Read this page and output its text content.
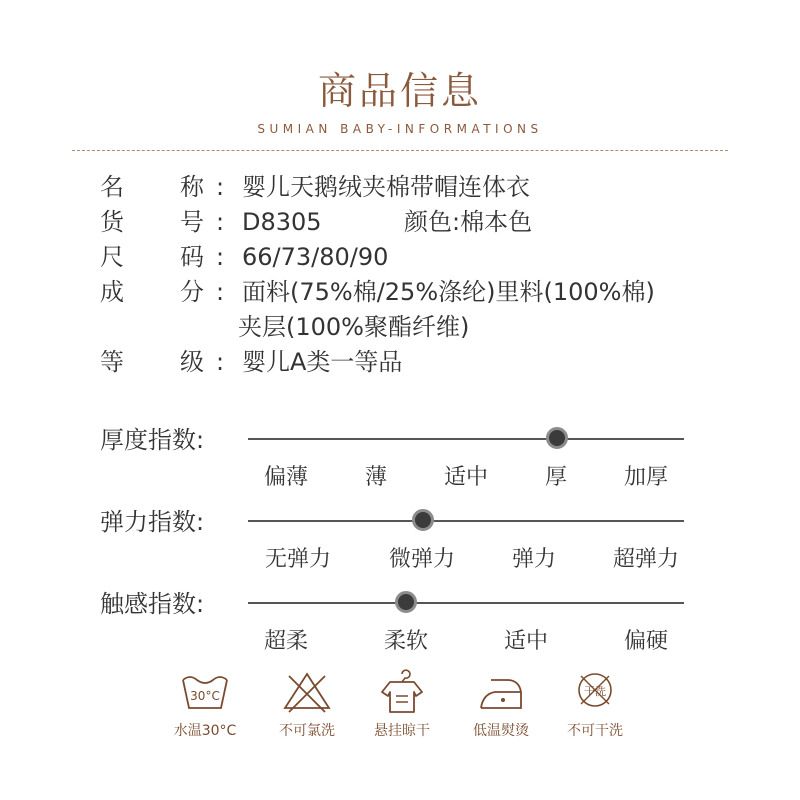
商品信息
SUMIAN BABY-INFORMATIONS
名 称 : 婴儿天鹅绒夹棉带帽连体衣
货 号 : D8305	颜色:棉本色
尺 码 : 66/73/80/90
成 分 : 面料(75%棉/25%涤纶)里料(100%棉)
夹层(100%聚酯纤维)
等 级 : 婴儿A类一等品
厚度指数:
偏薄	薄	适中	厚	加厚
弹力指数:
无弹力	微弹力	弹力	超弹力
触感指数:
超柔	柔软	适中	偏硬
30°C
水温30°C	不可氯洗	悬挂晾干	低温熨烫
干洗
不可干洗
